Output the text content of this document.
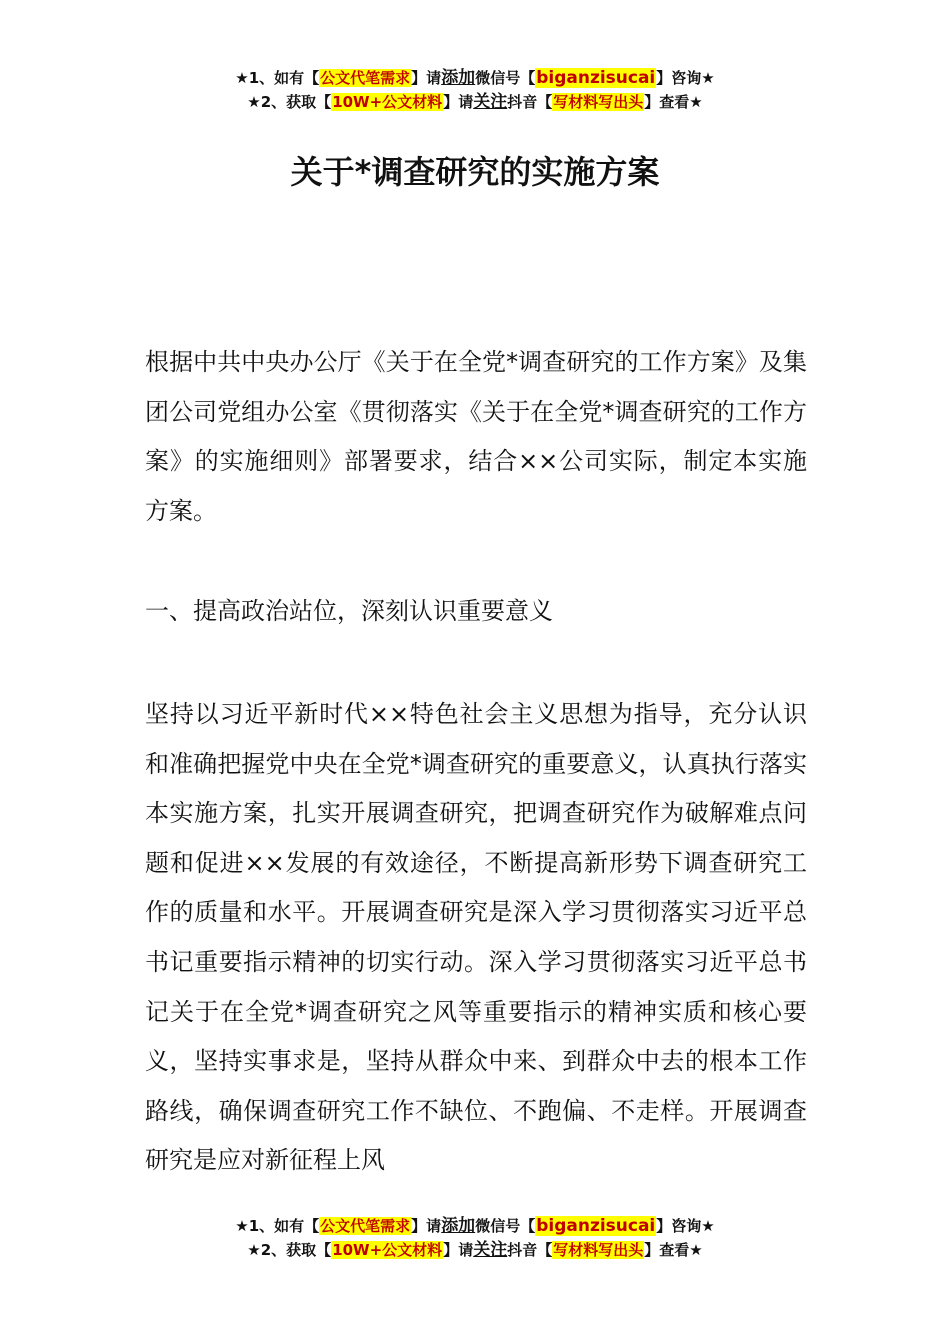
★1、如有【公文代笔需求】请添加微信号【biganzisucai】咨询★
★2、获取【10W+公文材料】请关注抖音【写材料写出头】查看★
关于*调查研究的实施方案

根据中共中央办公厅《关于在全党*调查研究的工作方案》及集团公司党组办公室《贯彻落实《关于在全党*调查研究的工作方案》的实施细则》部署要求，结合××公司实际，制定本实施方案。

一、提高政治站位，深刻认识重要意义

坚持以习近平新时代××特色社会主义思想为指导，充分认识和准确把握党中央在全党*调查研究的重要意义，认真执行落实本实施方案，扎实开展调查研究，把调查研究作为破解难点问题和促进××发展的有效途径，不断提高新形势下调查研究工作的质量和水平。开展调查研究是深入学习贯彻落实习近平总书记重要指示精神的切实行动。深入学习贯彻落实习近平总书记关于在全党*调查研究之风等重要指示的精神实质和核心要义，坚持实事求是，坚持从群众中来、到群众中去的根本工作路线，确保调查研究工作不缺位、不跑偏、不走样。开展调查研究是应对新征程上风

★1、如有【公文代笔需求】请添加微信号【biganzisucai】咨询★
★2、获取【10W+公文材料】请关注抖音【写材料写出头】查看★
